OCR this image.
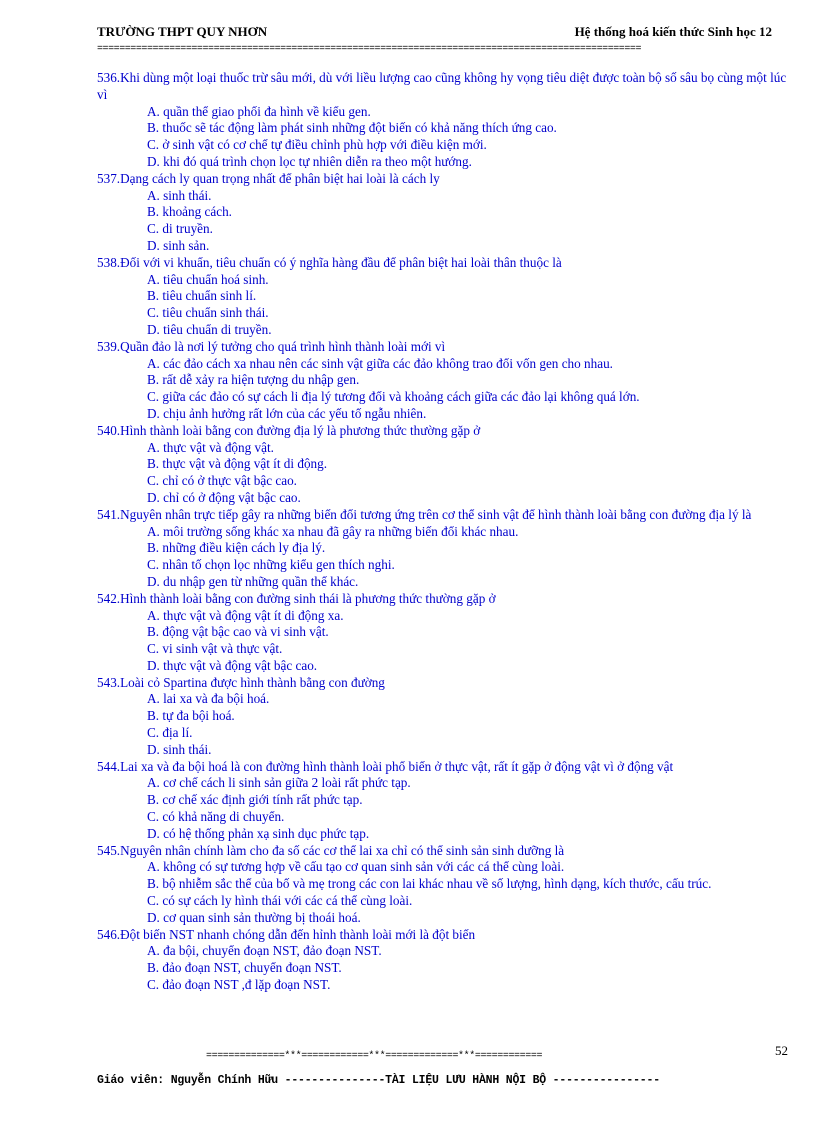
TRƯỜNG THPT QUY NHƠN	Hệ thống hoá kiến thức Sinh học 12
==================================================================================================
536.Khi dùng một loại thuốc trừ sâu mới, dù với liều lượng cao cũng không hy vọng tiêu diệt được toàn bộ số sâu bọ cùng một lúc vì
A. quần thể giao phối đa hình về kiểu gen.
B. thuốc sẽ tác động làm phát sinh những đột biến có khả năng thích ứng cao.
C. ở sinh vật có cơ chế tự điều chỉnh phù hợp với điều kiện mới.
D. khi đó quá trình chọn lọc tự nhiên diễn ra theo một hướng.
537.Dạng cách ly quan trọng nhất để phân biệt hai loài là cách ly
A. sinh thái.
B. khoảng cách.
C. di truyền.
D. sinh sản.
538.Đối với vi khuẩn, tiêu chuẩn có ý nghĩa hàng đầu để phân biệt hai loài thân thuộc là
A. tiêu chuẩn hoá sinh.
B. tiêu chuẩn sinh lí.
C. tiêu chuẩn sinh thái.
D. tiêu chuẩn di truyền.
539.Quần đảo là nơi lý tưởng cho quá trình hình thành loài mới vì
A. các đảo cách xa nhau nên các sinh vật giữa các đảo không trao đổi vốn gen cho nhau.
B. rất dễ xảy ra hiện tượng du nhập gen.
C. giữa các đảo có sự cách li địa lý tương đối và khoảng cách giữa các đảo lại không quá lớn.
D. chịu ảnh hưởng rất lớn của các yếu tố ngẫu nhiên.
540.Hình thành loài bằng con đường địa lý là phương thức thường gặp ở
A. thực vật và động vật.
B. thực vật và động vật ít di động.
C. chỉ có ở thực vật bậc cao.
D. chỉ có ở động vật bậc cao.
541.Nguyên nhân trực tiếp gây ra những biến đổi tương ứng trên cơ thể sinh vật để hình thành loài bằng con đường địa lý là
A. môi trường sống khác xa nhau đã gây ra những biến đổi khác nhau.
B. những điều kiện cách ly địa lý.
C. nhân tố chọn lọc những kiểu gen thích nghi.
D. du nhập gen từ những quần thể khác.
542.Hình thành loài bằng con đường sinh thái là phương thức thường gặp ở
A. thực vật và động vật ít di động xa.
B. động vật bậc cao và vi sinh vật.
C. vi sinh vật và thực vật.
D. thực vật và động vật bậc cao.
543.Loài cỏ Spartina được hình thành bằng con đường
A. lai xa và đa bội hoá.
B. tự đa bội hoá.
C. địa lí.
D. sinh thái.
544.Lai xa và đa bội hoá là con đường hình thành loài phổ biến ở thực vật, rất ít gặp ở động vật vì ở động vật
A. cơ chế cách li sinh sản giữa 2 loài rất phức tạp.
B. cơ chế xác định giới tính rất phức tạp.
C. có khả năng di chuyển.
D. có hệ thống phản xạ sinh dục phức tạp.
545.Nguyên nhân chính làm cho đa số các cơ thể lai xa chỉ có thể sinh sản sinh dưỡng là
A. không có sự tương hợp về cấu tạo cơ quan sinh sản với các cá thể cùng loài.
B. bộ nhiễm sắc thể của bố và mẹ trong các con lai khác nhau về số lượng, hình dạng, kích thước, cấu trúc.
C. có sự cách ly hình thái với các cá thể cùng loài.
D. cơ quan sinh sản thường bị thoái hoá.
546.Đột biến NST nhanh chóng dẫn đến hỉnh thành loài mới là đột biến
A. đa bội, chuyển đoạn NST, đảo đoạn NST.
B. đảo đoạn NST, chuyển đoạn NST.
C. đảo đoạn NST ,đ lặp đoạn NST.
52
==============***============***=============***============
Giáo viên: Nguyễn Chính Hữu ---------------TÀI LIỆU LƯU HÀNH NỘI BỘ ----------------
